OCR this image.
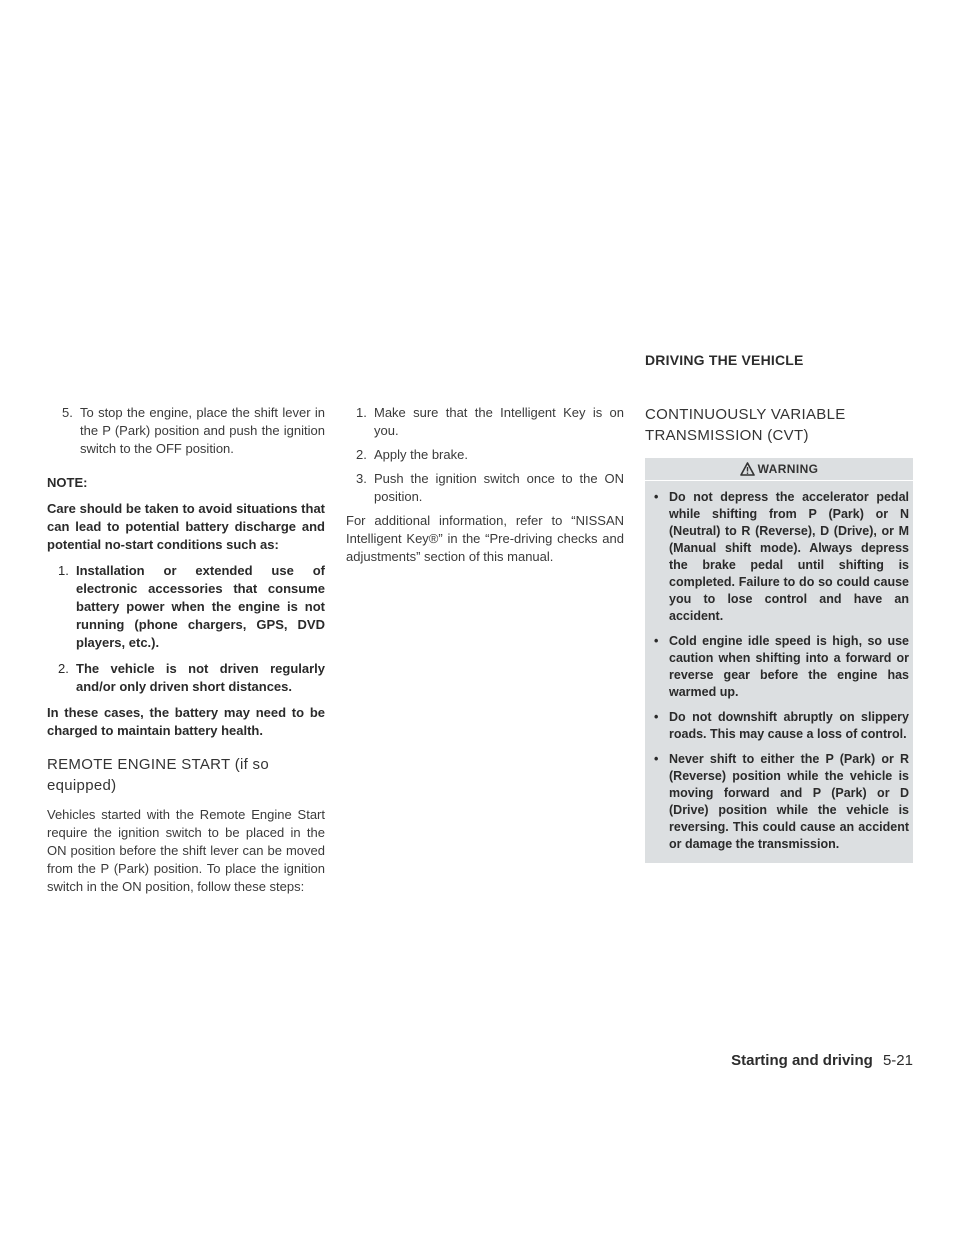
5. To stop the engine, place the shift lever in the P (Park) position and push the ignition switch to the OFF position.
NOTE:

Care should be taken to avoid situations that can lead to potential battery discharge and potential no-start conditions such as:

1. Installation or extended use of electronic accessories that consume battery power when the engine is not running (phone chargers, GPS, DVD players, etc.).
2. The vehicle is not driven regularly and/or only driven short distances.

In these cases, the battery may need to be charged to maintain battery health.

REMOTE ENGINE START (if so equipped)

Vehicles started with the Remote Engine Start require the ignition switch to be placed in the ON position before the shift lever can be moved from the P (Park) position. To place the ignition switch in the ON position, follow these steps:

1. Make sure that the Intelligent Key is on you.
2. Apply the brake.
3. Push the ignition switch once to the ON position.

For additional information, refer to “NISSAN Intelligent Key®” in the “Pre-driving checks and adjustments” section of this manual.

DRIVING THE VEHICLE
CONTINUOUSLY VARIABLE TRANSMISSION (CVT)
WARNING
• Do not depress the accelerator pedal while shifting from P (Park) or N (Neutral) to R (Reverse), D (Drive), or M (Manual shift mode). Always depress the brake pedal until shifting is completed. Failure to do so could cause you to lose control and have an accident.
• Cold engine idle speed is high, so use caution when shifting into a forward or reverse gear before the engine has warmed up.
• Do not downshift abruptly on slippery roads. This may cause a loss of control.
• Never shift to either the P (Park) or R (Reverse) position while the vehicle is moving forward and P (Park) or D (Drive) position while the vehicle is reversing. This could cause an accident or damage the transmission.
Starting and driving 5-21
